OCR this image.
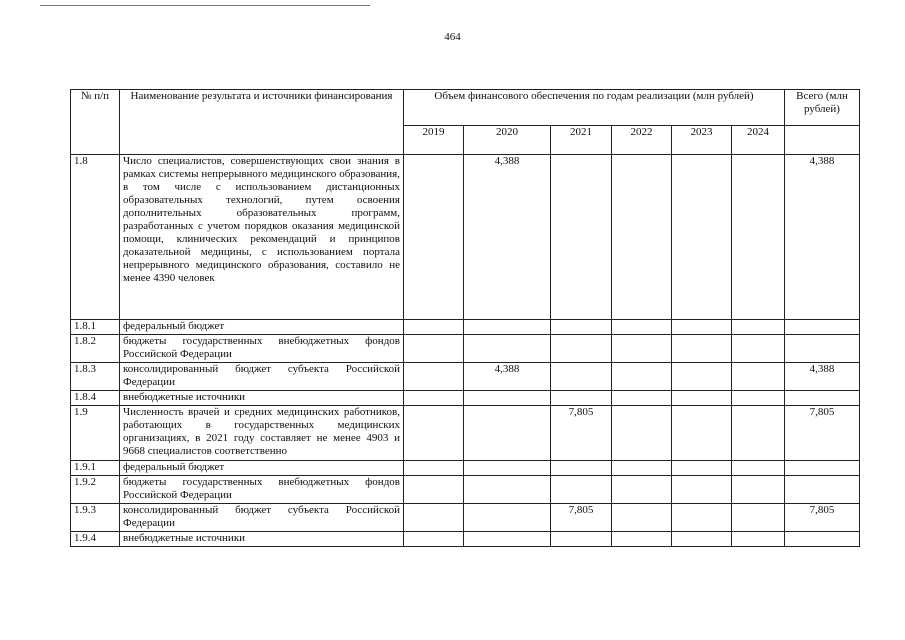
464
№ п/п	Наименование результата и источники финансирования	Объем финансового обеспечения по годам реализации (млн рублей)						Всего (млн рублей)
		2019	2020	2021	2022	2023	2024	
1.8	Число специалистов, совершенствующих свои знания в рамках системы непрерывного медицинского образования, в том числе с использованием дистанционных образовательных технологий, путем освоения дополнительных образовательных программ, разработанных с учетом порядков оказания медицинской помощи, клинических рекомендаций и принципов доказательной медицины, с использованием портала непрерывного медицинского образования, составило не менее 4390 человек		4,388					4,388
1.8.1	федеральный бюджет							
1.8.2	бюджеты государственных внебюджетных фондов Российской Федерации							
1.8.3	консолидированный бюджет субъекта Российской Федерации		4,388					4,388
1.8.4	внебюджетные источники							
1.9	Численность врачей и средних медицинских работников, работающих в государственных медицинских организациях, в 2021 году составляет не менее 4903 и 9668 специалистов соответственно			7,805				7,805
1.9.1	федеральный бюджет							
1.9.2	бюджеты государственных внебюджетных фондов Российской Федерации							
1.9.3	консолидированный бюджет субъекта Российской Федерации			7,805				7,805
1.9.4	внебюджетные источники							
